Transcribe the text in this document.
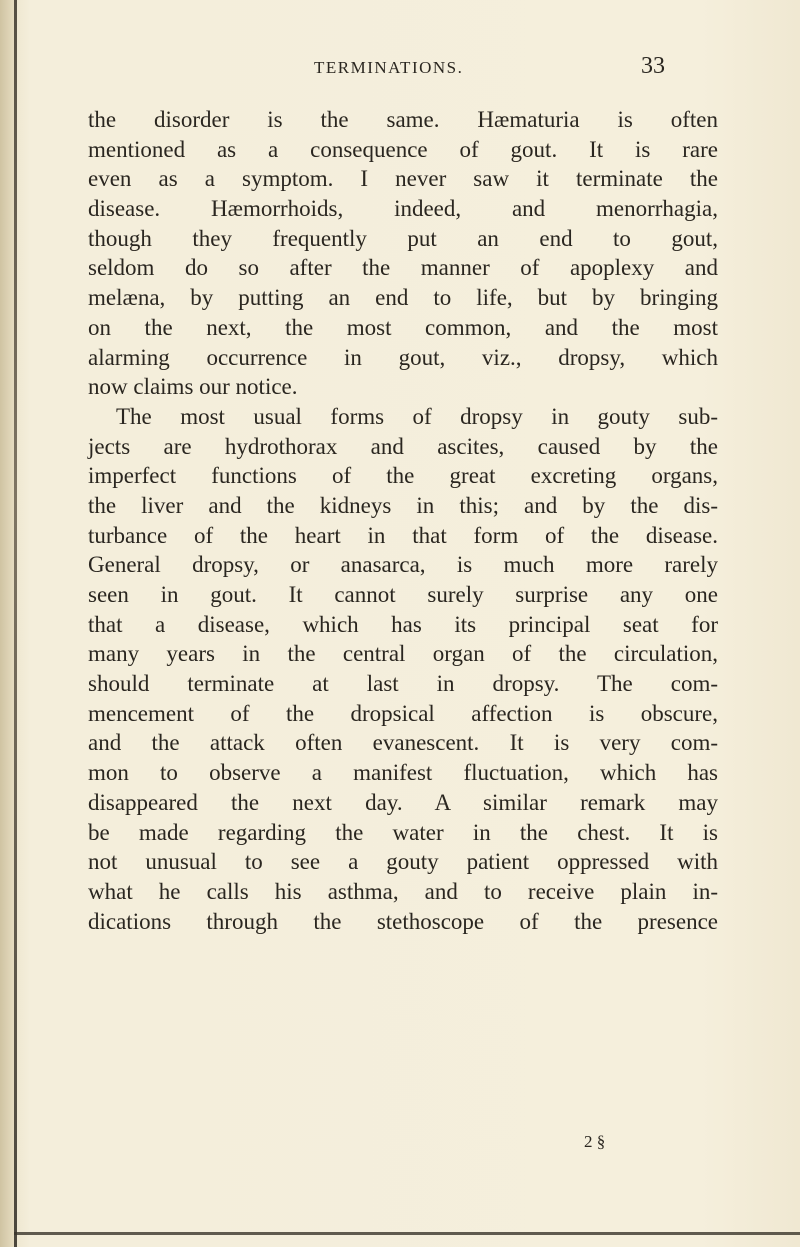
TERMINATIONS.	33
the disorder is the same. Hæmaturia is often
mentioned as a consequence of gout. It is rare
even as a symptom. I never saw it terminate the
disease. Hæmorrhoids, indeed, and menorrhagia,
though they frequently put an end to gout,
seldom do so after the manner of apoplexy and
melæna, by putting an end to life, but by bringing
on the next, the most common, and the most
alarming occurrence in gout, viz., dropsy, which
now claims our notice.
The most usual forms of dropsy in gouty sub-
jects are hydrothorax and ascites, caused by the
imperfect functions of the great excreting organs,
the liver and the kidneys in this; and by the dis-
turbance of the heart in that form of the disease.
General dropsy, or anasarca, is much more rarely
seen in gout. It cannot surely surprise any one
that a disease, which has its principal seat for
many years in the central organ of the circulation,
should terminate at last in dropsy. The com-
mencement of the dropsical affection is obscure,
and the attack often evanescent. It is very com-
mon to observe a manifest fluctuation, which has
disappeared the next day. A similar remark may
be made regarding the water in the chest. It is
not unusual to see a gouty patient oppressed with
what he calls his asthma, and to receive plain in-
dications through the stethoscope of the presence
2 §
